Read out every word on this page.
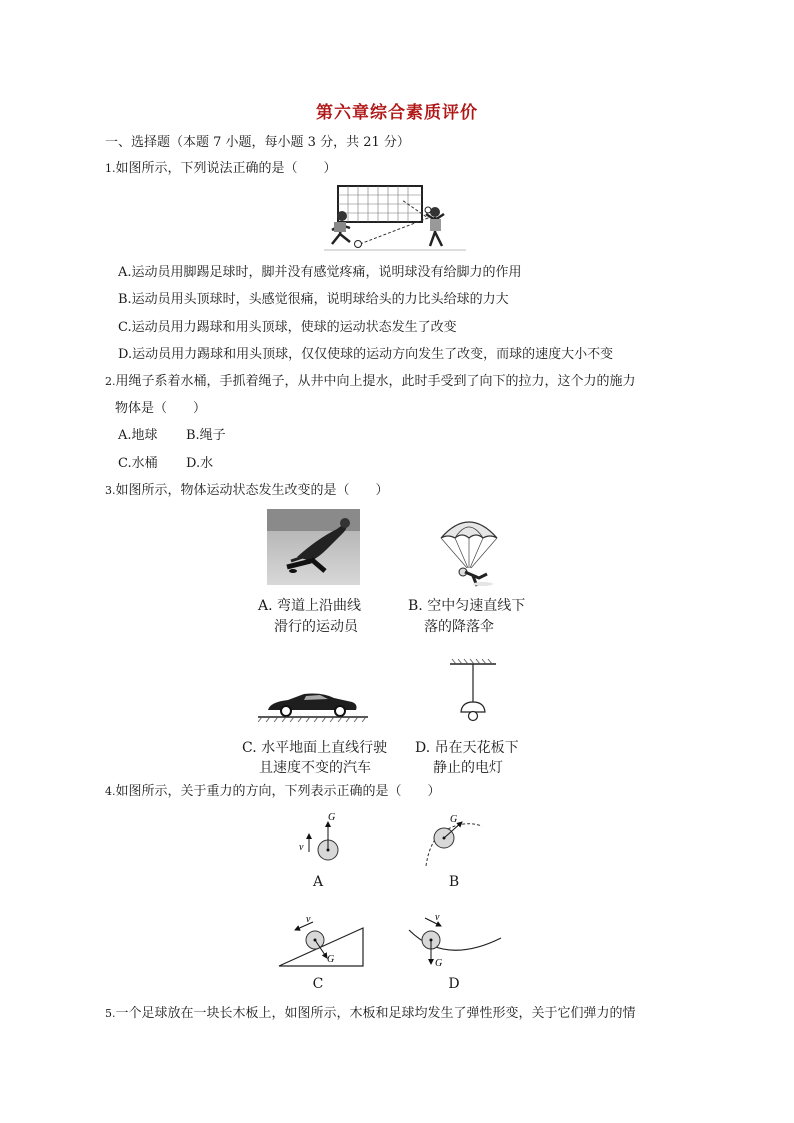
第六章综合素质评价
一、选择题（本题 7 小题，每小题 3 分，共 21 分）
1.如图所示，下列说法正确的是（　　）
A.运动员用脚踢足球时，脚并没有感觉疼痛，说明球没有给脚力的作用
B.运动员用头顶球时，头感觉很痛，说明球给头的力比头给球的力大
C.运动员用力踢球和用头顶球，使球的运动状态发生了改变
D.运动员用力踢球和用头顶球，仅仅使球的运动方向发生了改变，而球的速度大小不变
2.用绳子系着水桶，手抓着绳子，从井中向上提水，此时手受到了向下的拉力，这个力的施力
物体是（　　）
A.地球 B.绳子
C.水桶 D.水
3.如图所示，物体运动状态发生改变的是（　　）
A. 弯道上沿曲线
滑行的运动员
B. 空中匀速直线下
落的降落伞
C. 水平地面上直线行驶
且速度不变的汽车
D. 吊在天花板下
静止的电灯
4.如图所示，关于重力的方向，下列表示正确的是（　　）
G
v
G
A	B
v
G
v
G
C	D
5.一个足球放在一块长木板上，如图所示，木板和足球均发生了弹性形变，关于它们弹力的情
